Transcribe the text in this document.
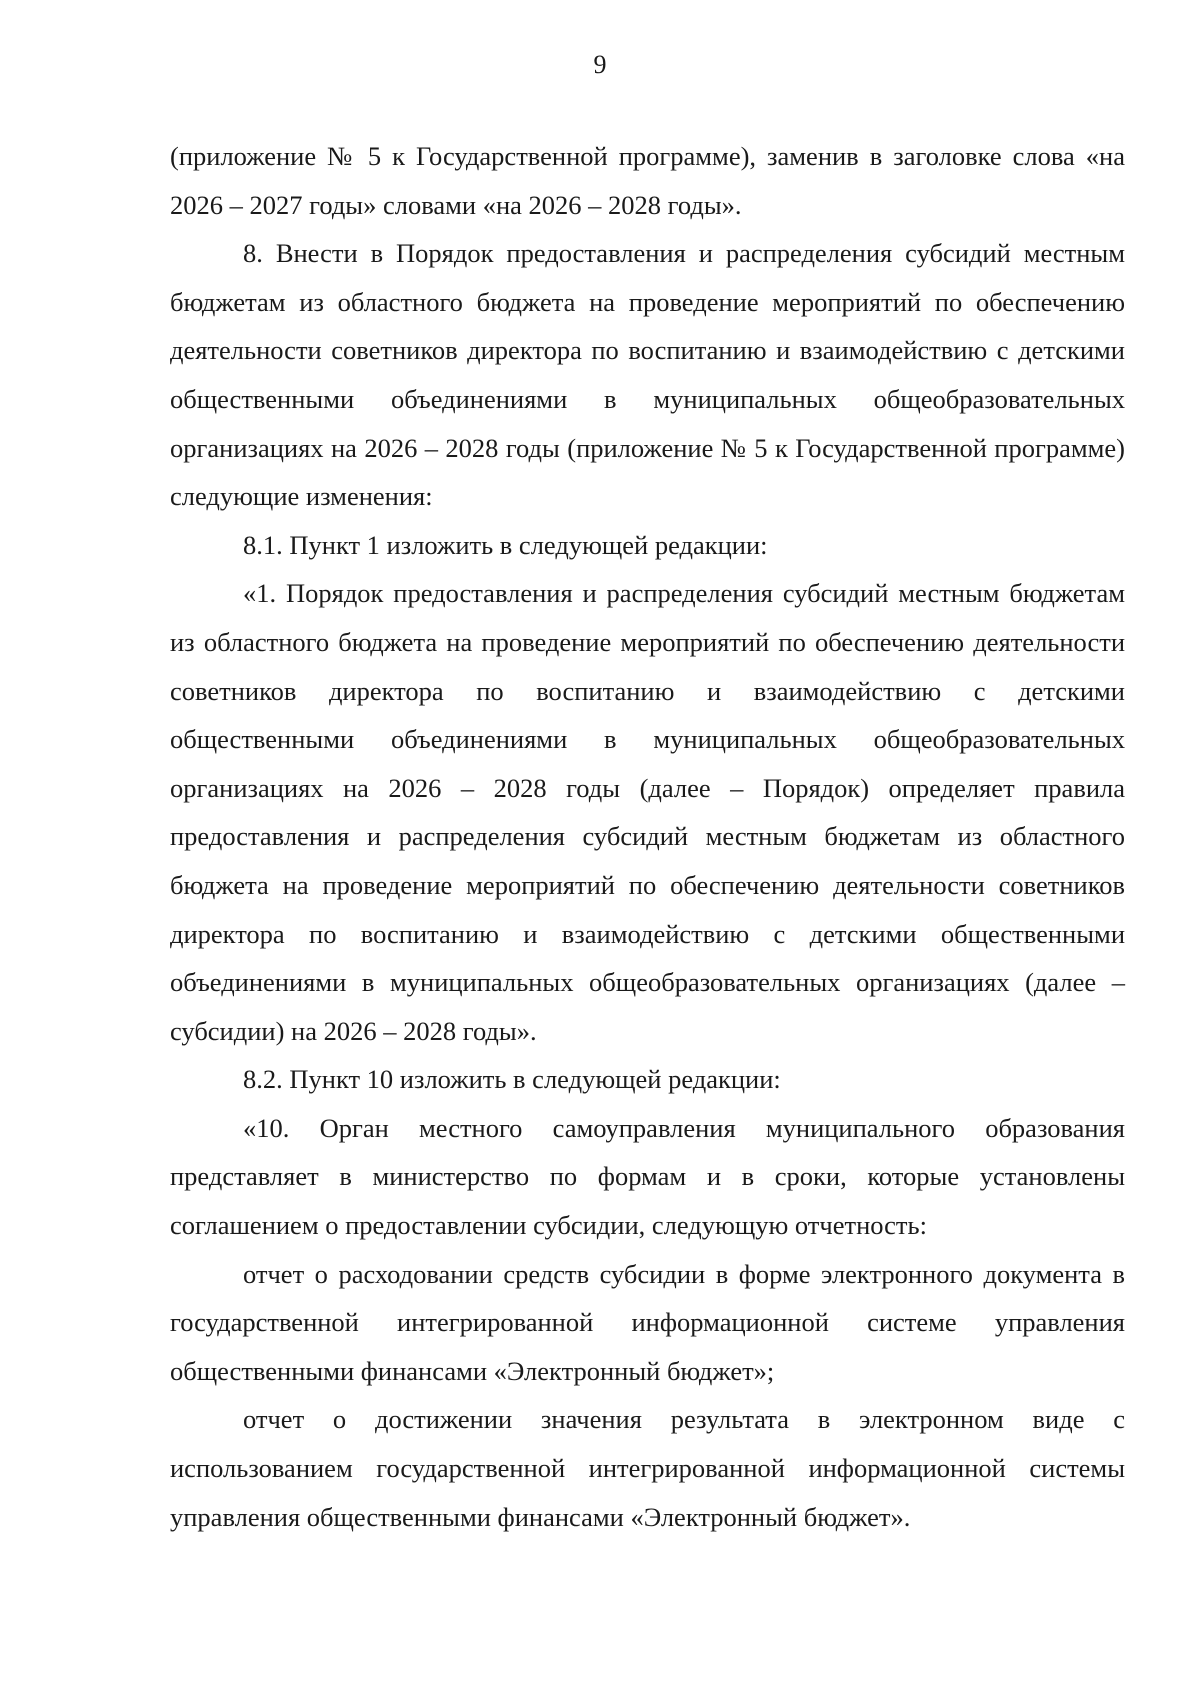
9

(приложение № 5 к Государственной программе), заменив в заголовке слова «на 2026 – 2027 годы» словами «на 2026 – 2028 годы».

8. Внести в Порядок предоставления и распределения субсидий местным бюджетам из областного бюджета на проведение мероприятий по обеспечению деятельности советников директора по воспитанию и взаимодействию с детскими общественными объединениями в муниципальных общеобразовательных организациях на 2026 – 2028 годы (приложение № 5 к Государственной программе) следующие изменения:

8.1. Пункт 1 изложить в следующей редакции:

«1. Порядок предоставления и распределения субсидий местным бюджетам из областного бюджета на проведение мероприятий по обеспечению деятельности советников директора по воспитанию и взаимодействию с детскими общественными объединениями в муниципальных общеобразовательных организациях на 2026 – 2028 годы (далее – Порядок) определяет правила предоставления и распределения субсидий местным бюджетам из областного бюджета на проведение мероприятий по обеспечению деятельности советников директора по воспитанию и взаимодействию с детскими общественными объединениями в муниципальных общеобразовательных организациях (далее – субсидии) на 2026 – 2028 годы».

8.2. Пункт 10 изложить в следующей редакции:

«10. Орган местного самоуправления муниципального образования представляет в министерство по формам и в сроки, которые установлены соглашением о предоставлении субсидии, следующую отчетность:

отчет о расходовании средств субсидии в форме электронного документа в государственной интегрированной информационной системе управления общественными финансами «Электронный бюджет»;

отчет о достижении значения результата в электронном виде с использованием государственной интегрированной информационной системы управления общественными финансами «Электронный бюджет».
